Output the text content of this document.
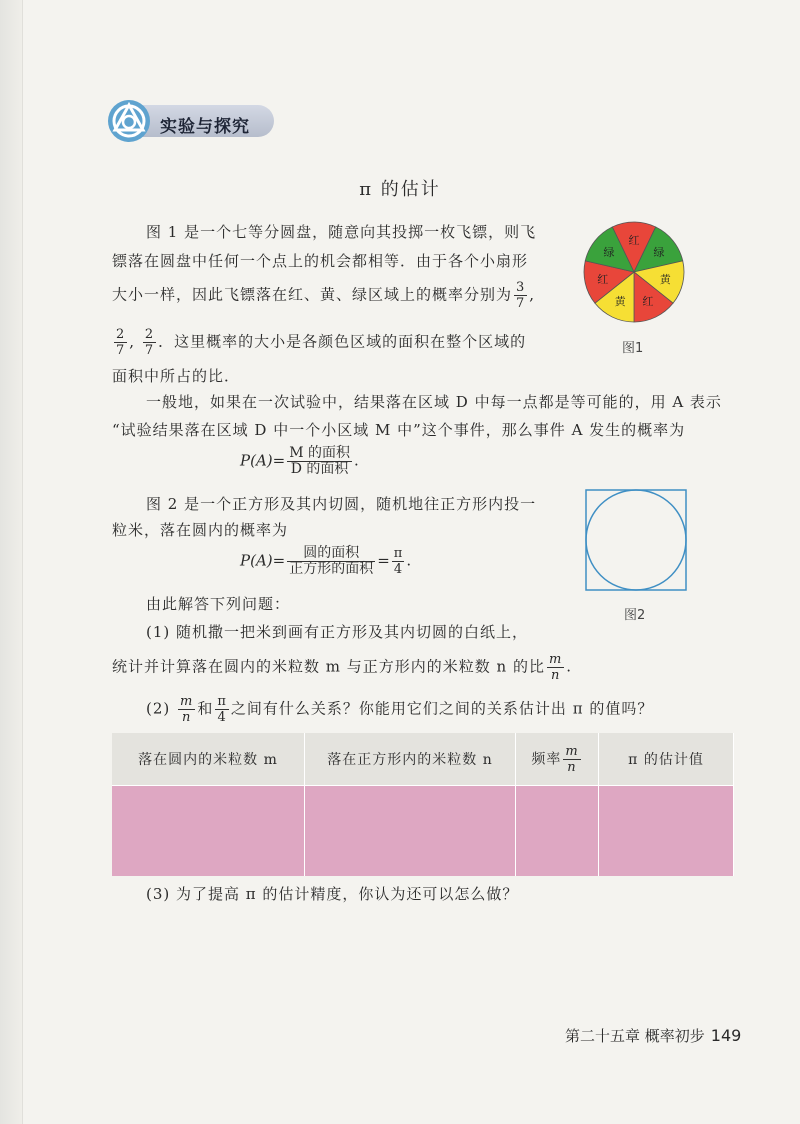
实验与探究
π 的估计
图 1 是一个七等分圆盘，随意向其投掷一枚飞镖，则飞
镖落在圆盘中任何一个点上的机会都相等．由于各个小扇形
大小一样，因此飞镖落在红、黄、绿区域上的概率分别为 $\frac{3}{7}$ ,
$\frac{2}{7}$ , $\frac{2}{7}$ ．这里概率的大小是各颜色区域的面积在整个区域的
面积中所占的比．
红
绿
黄
红
黄
红
绿
图1
一般地，如果在一次试验中，结果落在区域 D 中每一点都是等可能的，用 A 表示
“试验结果落在区域 D 中一个小区域 M 中”这个事件，那么事件 A 发生的概率为
$P(A)= \frac{\text{M 的面积}}{\text{D 的面积}}$ .
图 2 是一个正方形及其内切圆，随机地往正方形内投一
粒米，落在圆内的概率为
$P(A)= \frac{\text{圆的面积}}{\text{正方形的面积}} = \frac{\pi}{4}$ .
图2
由此解答下列问题：
(1) 随机撒一把米到画有正方形及其内切圆的白纸上，
统计并计算落在圆内的米粒数 m 与正方形内的米粒数 n 的比 $\frac{m}{n}$ .
$(2) \frac{m}{n}$ 和 $\frac{\pi}{4}$ 之间有什么关系？你能用它们之间的关系估计出 π 的值吗？
落在圆内的米粒数 m	落在正方形内的米粒数 n	频率 $\frac{m}{n}$	π 的估计值

(3) 为了提高 π 的估计精度，你认为还可以怎么做？
第二十五章 概率初步 149
